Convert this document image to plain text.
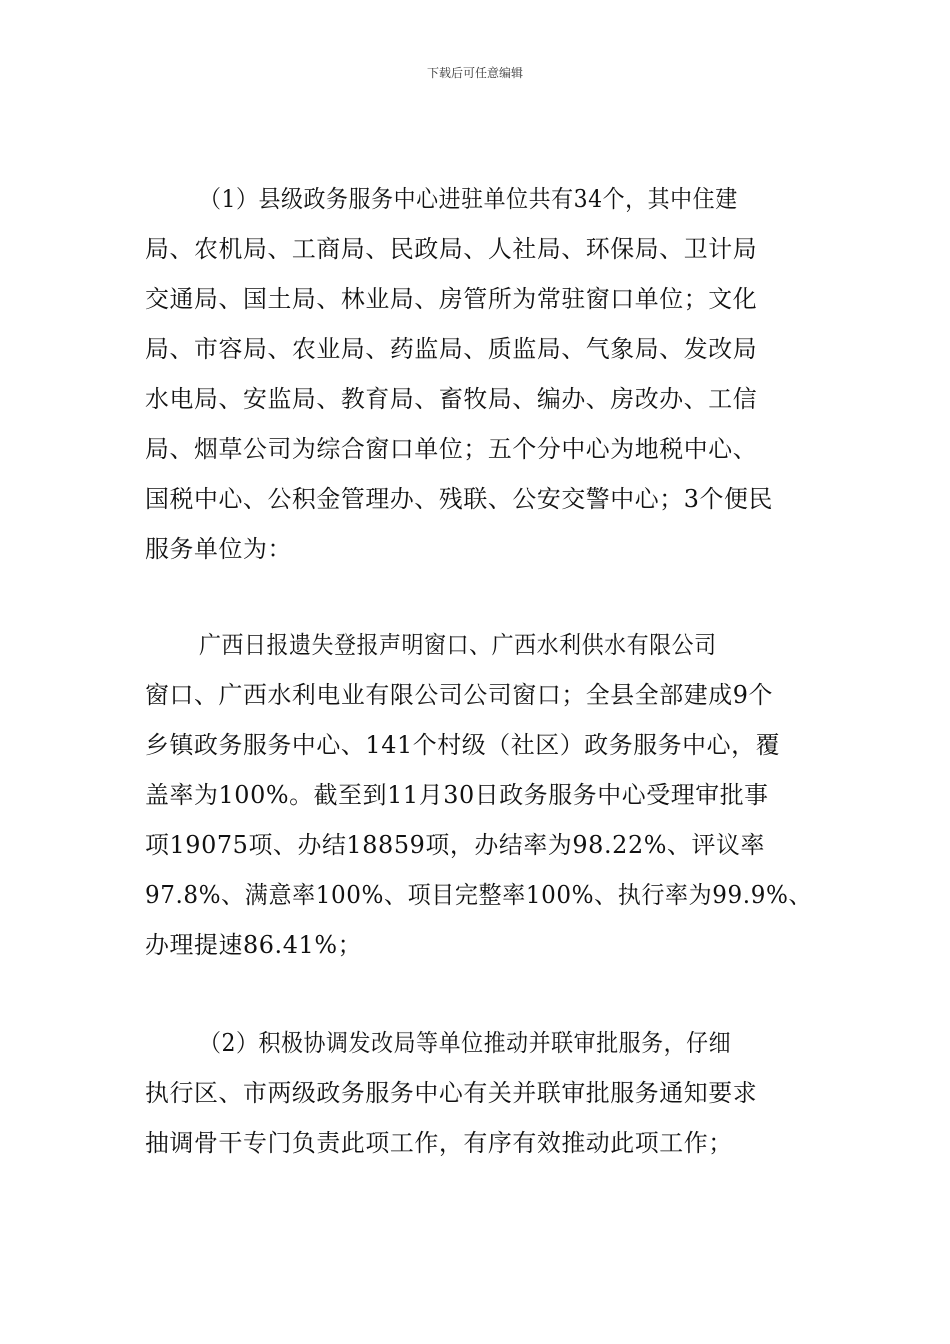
下载后可任意编辑
（1）县级政务服务中心进驻单位共有34个，其中住建
局、农机局、工商局、民政局、人社局、环保局、卫计局
交通局、国土局、林业局、房管所为常驻窗口单位；文化
局、市容局、农业局、药监局、质监局、气象局、发改局
水电局、安监局、教育局、畜牧局、编办、房改办、工信
局、烟草公司为综合窗口单位；五个分中心为地税中心、
国税中心、公积金管理办、残联、公安交警中心；3个便民
服务单位为：
广西日报遗失登报声明窗口、广西水利供水有限公司
窗口、广西水利电业有限公司公司窗口；全县全部建成9个
乡镇政务服务中心、141个村级（社区）政务服务中心，覆
盖率为100%。截至到11月30日政务服务中心受理审批事
项19075项、办结18859项，办结率为98.22%、评议率
97.8%、满意率100%、项目完整率100%、执行率为99.9%、
办理提速86.41%；
（2）积极协调发改局等单位推动并联审批服务，仔细
执行区、市两级政务服务中心有关并联审批服务通知要求
抽调骨干专门负责此项工作，有序有效推动此项工作；
